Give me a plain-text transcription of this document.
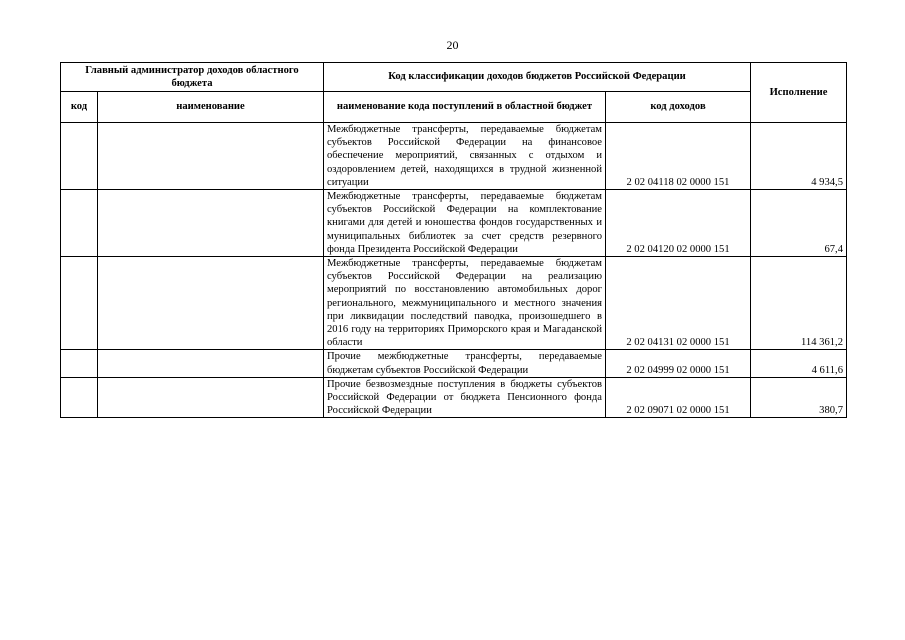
20
Главный администратор доходов областного бюджета		Код классификации доходов бюджетов Российской Федерации		Исполнение
код	наименование	наименование кода поступлений в областной бюджет	код доходов	
		Межбюджетные трансферты, передаваемые бюджетам субъектов Российской Федерации на финансовое обеспечение мероприятий, связанных с отдыхом и оздоровлением детей, находящихся в трудной жизненной ситуации	2 02 04118 02 0000 151	4 934,5
		Межбюджетные трансферты, передаваемые бюджетам субъектов Российской Федерации на комплектование книгами для детей и юношества фондов государственных и муниципальных библиотек за счет средств резервного фонда Президента Российской Федерации	2 02 04120 02 0000 151	67,4
		Межбюджетные трансферты, передаваемые бюджетам субъектов Российской Федерации на реализацию мероприятий по восстановлению автомобильных дорог регионального, межмуниципального и местного значения при ликвидации последствий паводка, произошедшего в 2016 году на территориях Приморского края и Магаданской области	2 02 04131 02 0000 151	114 361,2
		Прочие межбюджетные трансферты, передаваемые бюджетам субъектов Российской Федерации	2 02 04999 02 0000 151	4 611,6
		Прочие безвозмездные поступления в бюджеты субъектов Российской Федерации от бюджета Пенсионного фонда Российской Федерации	2 02 09071 02 0000 151	380,7
